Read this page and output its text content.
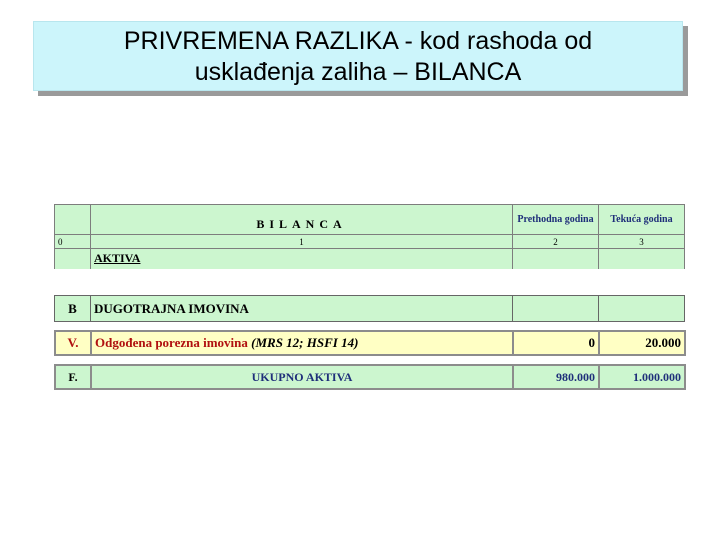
PRIVREMENA RAZLIKA - kod rashoda od
usklađenja zaliha – BILANCA
	BILANCA	Prethodna godina	Tekuća godina
0	1	2	3
	AKTIVA		
B	DUGOTRAJNA IMOVINA		
V.	Odgođena porezna imovina (MRS 12; HSFI 14)	0	20.000
F.	UKUPNO AKTIVA	980.000	1.000.000
